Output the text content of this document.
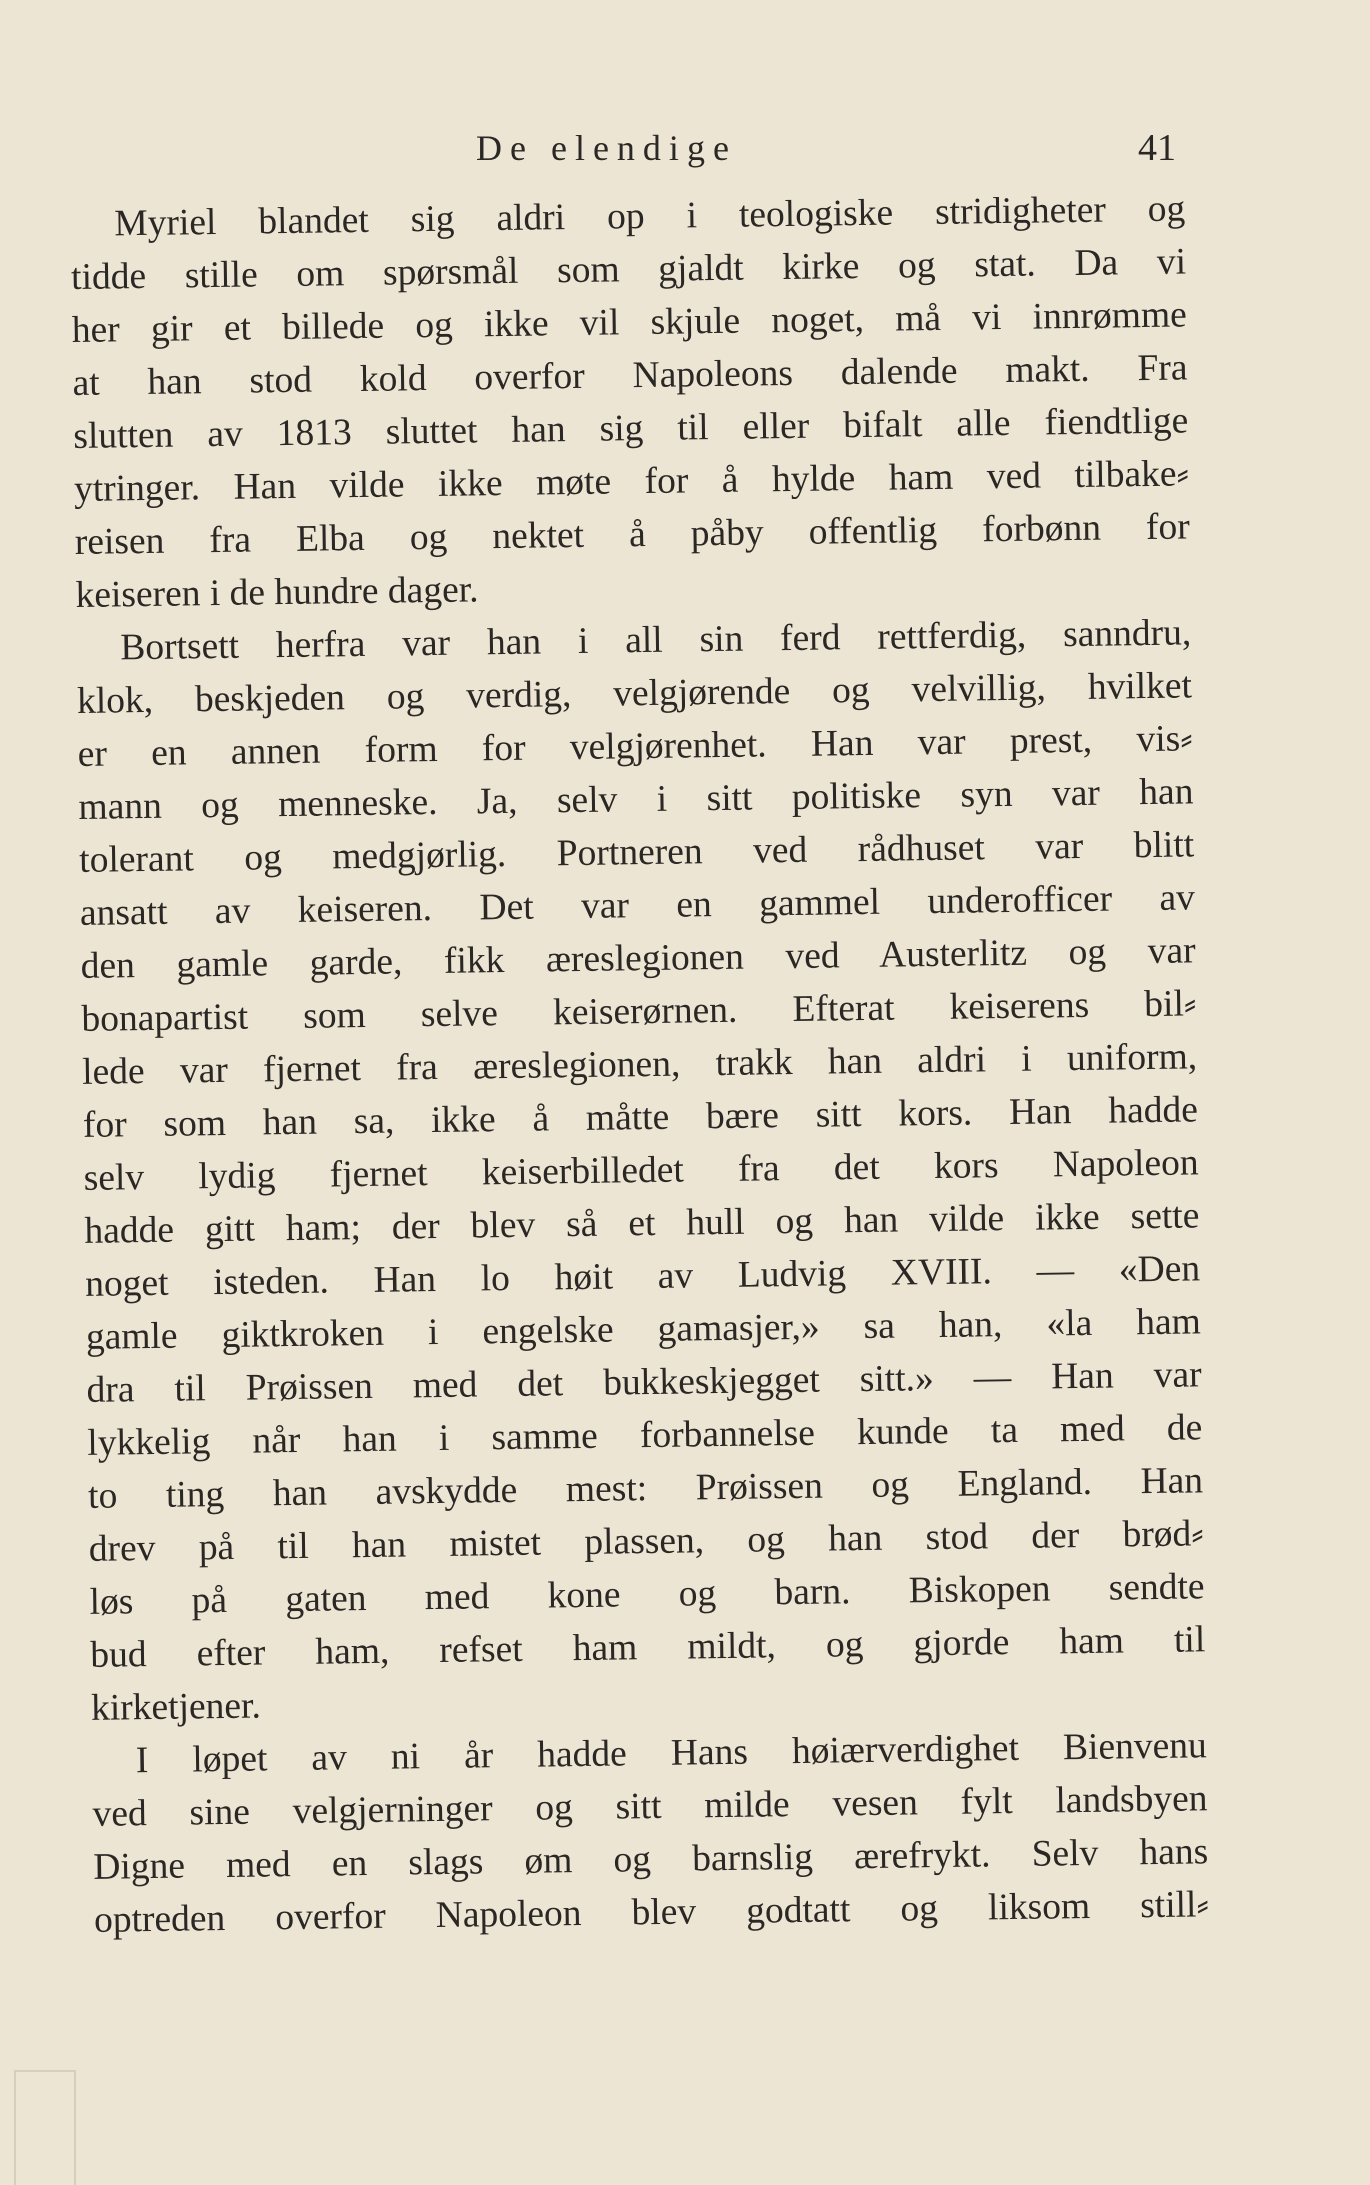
De elendige	41
Myriel blandet sig aldri op i teologiske stridigheter og
tidde stille om spørsmål som gjaldt kirke og stat. Da vi
her gir et billede og ikke vil skjule noget, må vi innrømme
at han stod kold overfor Napoleons dalende makt. Fra
slutten av 1813 sluttet han sig til eller bifalt alle fiendtlige
ytringer. Han vilde ikke møte for å hylde ham ved tilbake⸗
reisen fra Elba og nektet å påby offentlig forbønn for
keiseren i de hundre dager.
Bortsett herfra var han i all sin ferd rettferdig, sanndru,
klok, beskjeden og verdig, velgjørende og velvillig, hvilket
er en annen form for velgjørenhet. Han var prest, vis⸗
mann og menneske. Ja, selv i sitt politiske syn var han
tolerant og medgjørlig. Portneren ved rådhuset var blitt
ansatt av keiseren. Det var en gammel underofficer av
den gamle garde, fikk æreslegionen ved Austerlitz og var
bonapartist som selve keiserørnen. Efterat keiserens bil⸗
lede var fjernet fra æreslegionen, trakk han aldri i uniform,
for som han sa, ikke å måtte bære sitt kors. Han hadde
selv lydig fjernet keiserbilledet fra det kors Napoleon
hadde gitt ham; der blev så et hull og han vilde ikke sette
noget isteden. Han lo høit av Ludvig XVIII. — «Den
gamle giktkroken i engelske gamasjer,» sa han, «la ham
dra til Prøissen med det bukkeskjegget sitt.» — Han var
lykkelig når han i samme forbannelse kunde ta med de
to ting han avskydde mest: Prøissen og England. Han
drev på til han mistet plassen, og han stod der brød⸗
løs på gaten med kone og barn. Biskopen sendte
bud efter ham, refset ham mildt, og gjorde ham til
kirketjener.
I løpet av ni år hadde Hans høiærverdighet Bienvenu
ved sine velgjerninger og sitt milde vesen fylt landsbyen
Digne med en slags øm og barnslig ærefrykt. Selv hans
optreden overfor Napoleon blev godtatt og liksom still⸗
